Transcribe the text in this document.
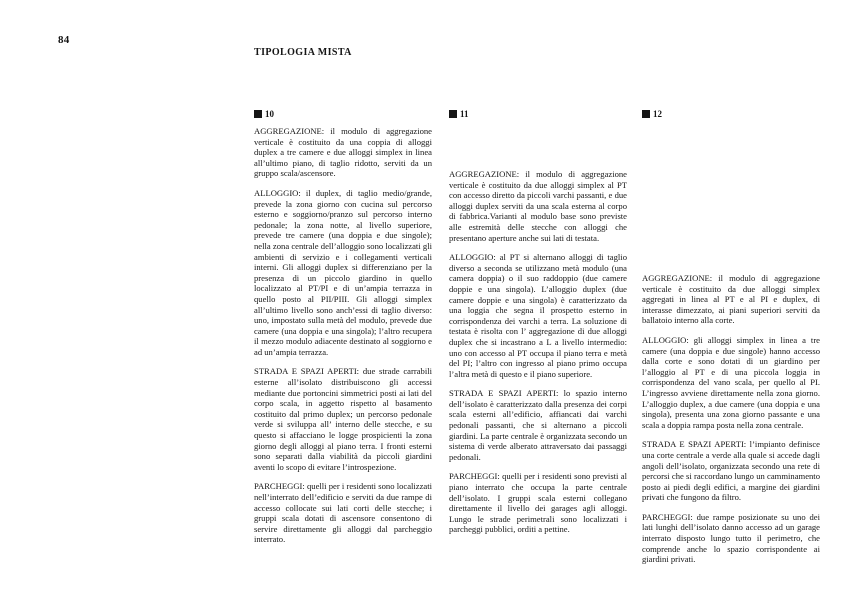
84
TIPOLOGIA MISTA
10

AGGREGAZIONE: il modulo di aggregazione verticale è costituito da una coppia di alloggi duplex a tre camere e due alloggi simplex in linea all’ultimo piano, di taglio ridotto, serviti da un gruppo scala/ascensore.

ALLOGGIO: il duplex, di taglio medio/grande, prevede la zona giorno con cucina sul percorso esterno e soggiorno/pranzo sul percorso interno pedonale; la zona notte, al livello superiore, prevede tre camere (una doppia e due singole); nella zona centrale dell’alloggio sono localizzati gli ambienti di servizio e i collegamenti verticali interni. Gli alloggi duplex si differenziano per la presenza di un piccolo giardino in quello localizzato al PT/PI e di un’ampia terrazza in quello posto al PII/PIII. Gli alloggi simplex all’ultimo livello sono anch’essi di taglio diverso: uno, impostato sulla metà del modulo, prevede due camere (una doppia e una singola); l’altro recupera il mezzo modulo adiacente destinato al soggiorno e ad un’ampia terrazza.

STRADA E SPAZI APERTI: due strade carrabili esterne all’isolato distribuiscono gli accessi mediante due portoncini simmetrici posti ai lati del corpo scala, in aggetto rispetto al basamento costituito dal primo duplex; un percorso pedonale verde si sviluppa all’ interno delle stecche, e su questo si affacciano le logge prospicienti la zona giorno degli alloggi al piano terra. I fronti esterni sono separati dalla viabilità da piccoli giardini aventi lo scopo di evitare l’introspezione.

PARCHEGGI: quelli per i residenti sono localizzati nell’interrato dell’edificio e serviti da due rampe di accesso collocate sui lati corti delle stecche; i gruppi scala dotati di ascensore consentono di servire direttamente gli alloggi dal parcheggio interrato.

11

AGGREGAZIONE: il modulo di aggregazione verticale è costituito da due alloggi simplex al PT con accesso diretto da piccoli varchi passanti, e due alloggi duplex serviti da una scala esterna al corpo di fabbrica.Varianti al modulo base sono previste alle estremità delle stecche con alloggi che presentano aperture anche sui lati di testata.

ALLOGGIO: al PT si alternano alloggi di taglio diverso a seconda se utilizzano metà modulo (una camera doppia) o il suo raddoppio (due camere doppie e una singola). L’alloggio duplex (due camere doppie e una singola) è caratterizzato da una loggia che segna il prospetto esterno in corrispondenza dei varchi a terra. La soluzione di testata è risolta con l’ aggregazione di due alloggi duplex che si incastrano a L a livello intermedio: uno con accesso al PT occupa il piano terra e metà del PI; l’altro con ingresso al piano primo occupa l’altra metà di questo e il piano superiore.

STRADA E SPAZI APERTI: lo spazio interno dell’isolato è caratterizzato dalla presenza dei corpi scala esterni all’edificio, affiancati dai varchi pedonali passanti, che si alternano a piccoli giardini. La parte centrale è organizzata secondo un sistema di verde alberato attraversato dai passaggi pedonali.

PARCHEGGI: quelli per i residenti sono previsti al piano interrato che occupa la parte centrale dell’isolato. I gruppi scala esterni collegano direttamente il livello dei garages agli alloggi. Lungo le strade perimetrali sono localizzati i parcheggi pubblici, orditi a pettine.

12

AGGREGAZIONE: il modulo di aggregazione verticale è costituito da due alloggi simplex aggregati in linea al PT e al PI e duplex, di interasse dimezzato, ai piani superiori serviti da ballatoio interno alla corte.

ALLOGGIO: gli alloggi simplex in linea a tre camere (una doppia e due singole) hanno accesso dalla corte e sono dotati di un giardino per l’alloggio al PT e di una piccola loggia in corrispondenza del vano scala, per quello al PI. L’ingresso avviene direttamente nella zona giorno. L’alloggio duplex, a due camere (una doppia e una singola), presenta una zona giorno passante e una scala a doppia rampa posta nella zona centrale.

STRADA E SPAZI APERTI: l’impianto definisce una corte centrale a verde alla quale si accede dagli angoli dell’isolato, organizzata secondo una rete di percorsi che si raccordano lungo un camminamento posto ai piedi degli edifici, a margine dei giardini privati che fungono da filtro.

PARCHEGGI: due rampe posizionate su uno dei lati lunghi dell’isolato danno accesso ad un garage interrato disposto lungo tutto il perimetro, che comprende anche lo spazio corrispondente ai giardini privati.
